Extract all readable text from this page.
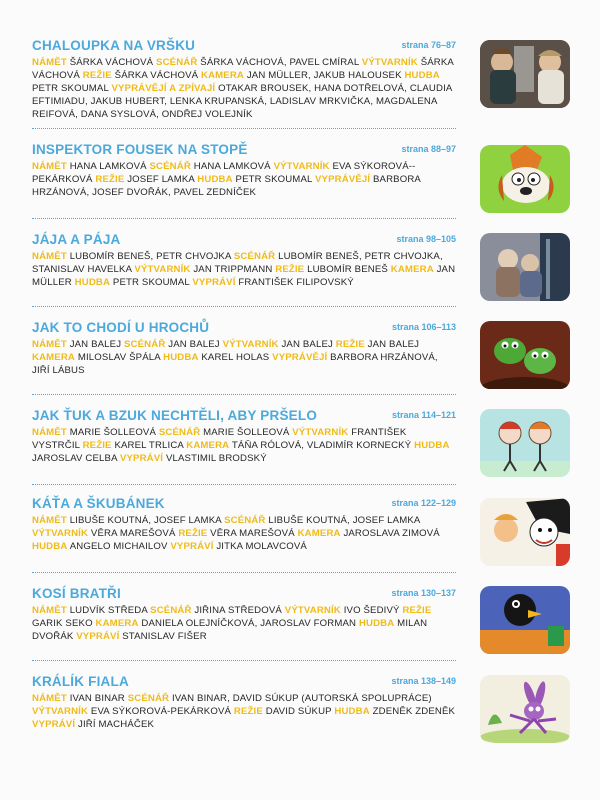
CHALOUPKA NA VRŠKU	strana 76–87
NÁMĚT ŠÁRKA VÁCHOVÁ SCÉNÁŘ ŠÁRKA VÁCHOVÁ, PAVEL CMÍRAL VÝTVARNÍK ŠÁRKA VÁCHOVÁ REŽIE ŠÁRKA VÁCHOVÁ KAMERA JAN MÜLLER, JAKUB HALOUSEK HUDBA PETR SKOUMAL VYPRÁVĚJÍ A ZPÍVAJÍ OTAKAR BROUSEK, HANA DOTŘELOVÁ, CLAUDIA EFTIMIADU, JAKUB HUBERT, LENKA KRUPANSKÁ, LADISLAV MRKVIČKA, MAGDALENA REIFOVÁ, DANA SYSLOVÁ, ONDŘEJ VOLEJNÍK
INSPEKTOR FOUSEK NA STOPĚ	strana 88–97
NÁMĚT HANA LAMKOVÁ SCÉNÁŘ HANA LAMKOVÁ VÝTVARNÍK EVA SÝKOROVÁ-PEKÁRKOVÁ REŽIE JOSEF LAMKA HUDBA PETR SKOUMAL VYPRÁVĚJÍ BARBORA HRZÁNOVÁ, JOSEF DVOŘÁK, PAVEL ZEDNÍČEK
JÁJA A PÁJA	strana 98–105
NÁMĚT LUBOMÍR BENEŠ, PETR CHVOJKA SCÉNÁŘ LUBOMÍR BENEŠ, PETR CHVOJKA, STANISLAV HAVELKA VÝTVARNÍK JAN TRIPPMANN REŽIE LUBOMÍR BENEŠ KAMERA JAN MÜLLER HUDBA PETR SKOUMAL VYPRÁVÍ FRANTIŠEK FILIPOVSKÝ
JAK TO CHODÍ U HROCHŮ	strana 106–113
NÁMĚT JAN BALEJ SCÉNÁŘ JAN BALEJ VÝTVARNÍK JAN BALEJ REŽIE JAN BALEJ KAMERA MILOSLAV ŠPÁLA HUDBA KAREL HOLAS VYPRÁVĚJÍ BARBORA HRZÁNOVÁ, JIŘÍ LÁBUS
JAK ŤUK A BZUK NECHTĚLI, ABY PRŠELO	strana 114–121
NÁMĚT MARIE ŠOLLEOVÁ SCÉNÁŘ MARIE ŠOLLEOVÁ VÝTVARNÍK FRANTIŠEK VYSTRČIL REŽIE KAREL TRLICA KAMERA TÁŇA RÓLOVÁ, VLADIMÍR KORNECKÝ HUDBA JAROSLAV CELBA VYPRÁVÍ VLASTIMIL BRODSKÝ
KÁŤA A ŠKUBÁNEK	strana 122–129
NÁMĚT LIBUŠE KOUTNÁ, JOSEF LAMKA SCÉNÁŘ LIBUŠE KOUTNÁ, JOSEF LAMKA VÝTVARNÍK VĚRA MAREŠOVÁ REŽIE VĚRA MAREŠOVÁ KAMERA JAROSLAVA ZIMOVÁ HUDBA ANGELO MICHAILOV VYPRÁVÍ JITKA MOLAVCOVÁ
KOSÍ BRATŘI	strana 130–137
NÁMĚT LUDVÍK STŘEDA SCÉNÁŘ JIŘINA STŘEDOVÁ VÝTVARNÍK IVO ŠEDIVÝ REŽIE GARIK SEKO KAMERA DANIELA OLEJNÍČKOVÁ, JAROSLAV FORMAN HUDBA MILAN DVOŘÁK VYPRÁVÍ STANISLAV FIŠER
KRÁLÍK FIALA	strana 138–149
NÁMĚT IVAN BINAR SCÉNÁŘ IVAN BINAR, DAVID SÚKUP (AUTORSKÁ SPOLUPRÁCE) VÝTVARNÍK EVA SÝKOROVÁ-PEKÁRKOVÁ REŽIE DAVID SÚKUP HUDBA ZDENĚK ZDENĚK VYPRÁVÍ JIŘÍ MACHÁČEK
